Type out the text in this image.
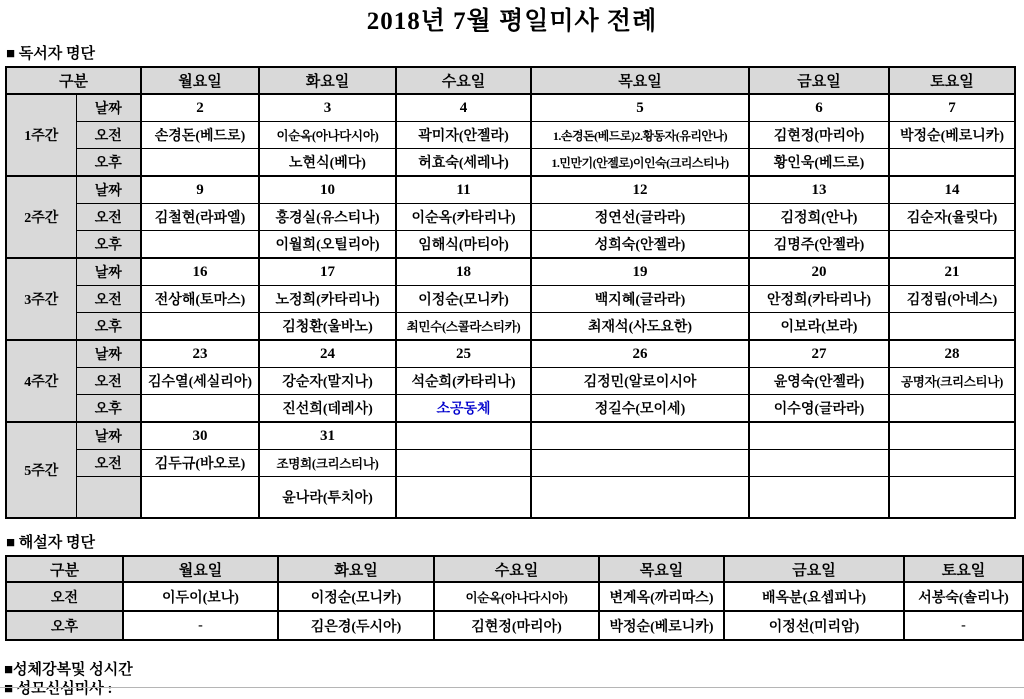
2018년 7월 평일미사 전례
■ 독서자 명단
구분		월요일	화요일	수요일	목요일	금요일	토요일
1주간	날짜	2	3	4	5	6	7
	오전	손경돈(베드로)	이순옥(아나다시아)	곽미자(안젤라)	1.손경돈(베드로)2.황동자(유리안나)	김현정(마리아)	박정순(베로니카)
	오후		노현식(베다)	허효숙(세레나)	1.민만기(안젤로)이인숙(크리스티나)	황인욱(베드로)	
2주간	날짜	9	10	11	12	13	14
	오전	김철현(라파엘)	홍경실(유스티나)	이순옥(카타리나)	정연선(글라라)	김정희(안나)	김순자(율릿다)
	오후		이월희(오틸리아)	임해식(마티아)	성희숙(안젤라)	김명주(안젤라)	
3주간	날짜	16	17	18	19	20	21
	오전	전상해(토마스)	노정희(카타리나)	이정순(모니카)	백지혜(글라라)	안정희(카타리나)	김정림(아네스)
	오후		김청환(울바노)	최민수(스콜라스티카)	최재석(사도요한)	이보라(보라)	
4주간	날짜	23	24	25	26	27	28
	오전	김수열(세실리아)	강순자(말지나)	석순희(카타리나)	김정민(알로이시아	윤영숙(안젤라)	공명자(크리스티나)
	오후		진선희(데레사)	소공동체	정길수(모이세)	이수영(글라라)	
5주간	날짜	30	31				
	오전	김두규(바오로)	조명희(크리스티나)				
			윤나라(투치아)				
■ 해설자 명단
구분	월요일	화요일	수요일	목요일	금요일	토요일
오전	이두이(보나)	이정순(모니카)	이순옥(아나다시아)	변계옥(까리따스)	배옥분(요셉피나)	서봉숙(솔리나)
오후	-	김은경(두시아)	김현정(마리아)	박정순(베로니카)	이정선(미리암)	-
■성체강복및 성시간
■ 성모신심미사 :
